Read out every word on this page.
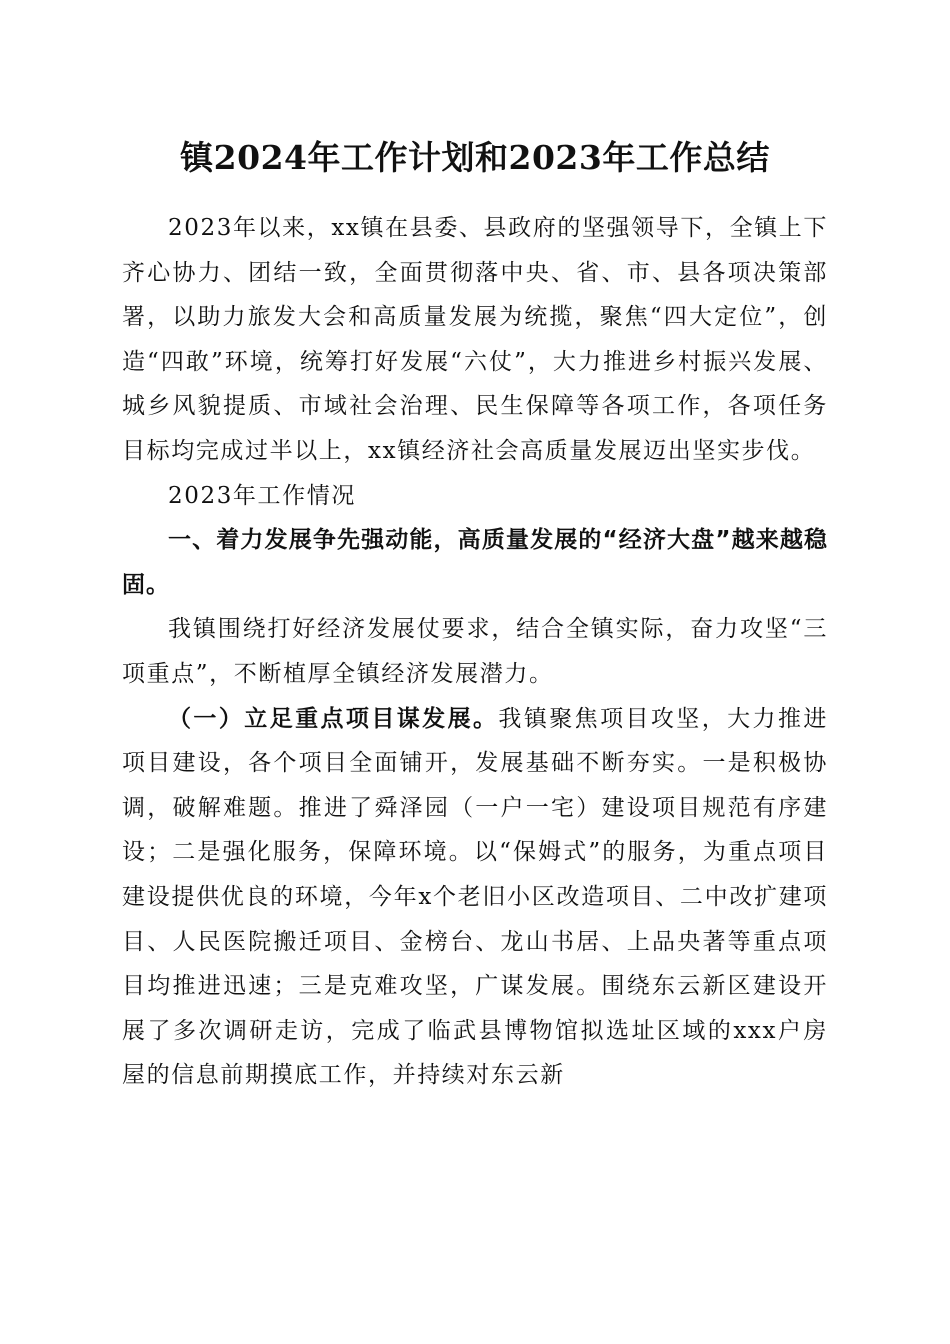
镇2024年工作计划和2023年工作总结

2023年以来，xx镇在县委、县政府的坚强领导下，全镇上下齐心协力、团结一致，全面贯彻落中央、省、市、县各项决策部署，以助力旅发大会和高质量发展为统揽，聚焦“四大定位”，创造“四敢”环境，统筹打好发展“六仗”，大力推进乡村振兴发展、城乡风貌提质、市域社会治理、民生保障等各项工作，各项任务目标均完成过半以上，xx镇经济社会高质量发展迈出坚实步伐。

2023年工作情况

一、着力发展争先强动能，高质量发展的“经济大盘”越来越稳固。

我镇围绕打好经济发展仗要求，结合全镇实际，奋力攻坚“三项重点”，不断植厚全镇经济发展潜力。

（一）立足重点项目谋发展。我镇聚焦项目攻坚，大力推进项目建设，各个项目全面铺开，发展基础不断夯实。一是积极协调，破解难题。推进了舜泽园（一户一宅）建设项目规范有序建设；二是强化服务，保障环境。以“保姆式”的服务，为重点项目建设提供优良的环境，今年x个老旧小区改造项目、二中改扩建项目、人民医院搬迁项目、金榜台、龙山书居、上品央著等重点项目均推进迅速；三是克难攻坚，广谋发展。围绕东云新区建设开展了多次调研走访，完成了临武县博物馆拟选址区域的xxx户房屋的信息前期摸底工作，并持续对东云新
